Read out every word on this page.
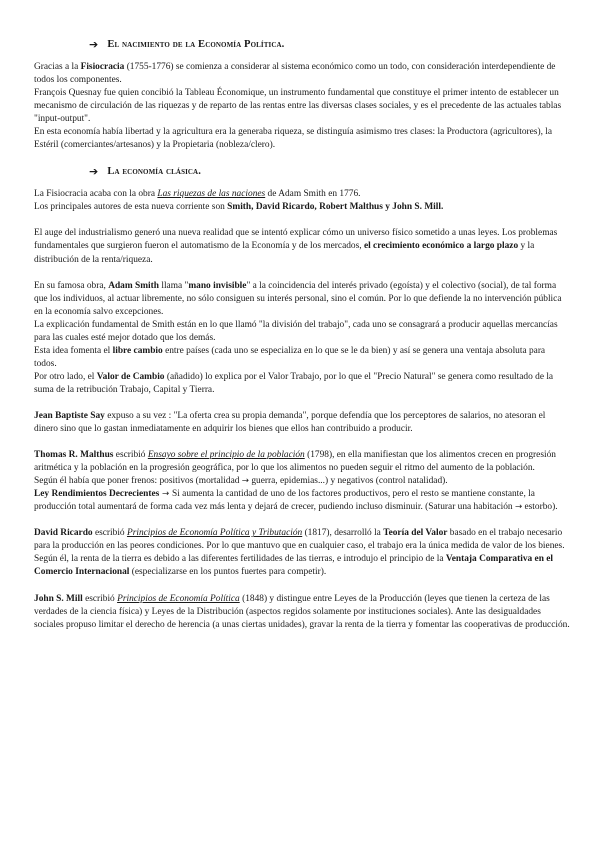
➔ El nacimiento de la Economía Política.

Gracias a la Fisiocracia (1755-1776) se comienza a considerar al sistema económico como un todo, con consideración interdependiente de todos los componentes.

François Quesnay fue quien concibió la Tableau Économique, un instrumento fundamental que constituye el primer intento de establecer un mecanismo de circulación de las riquezas y de reparto de las rentas entre las diversas clases sociales, y es el precedente de las actuales tablas "input-output".

En esta economía había libertad y la agricultura era la generaba riqueza, se distinguía asimismo tres clases: la Productora (agricultores), la Estéril (comerciantes/artesanos) y la Propietaria (nobleza/clero).

➔ La economía clásica.

La Fisiocracia acaba con la obra Las riquezas de las naciones de Adam Smith en 1776.

Los principales autores de esta nueva corriente son Smith, David Ricardo, Robert Malthus y John S. Mill.

El auge del industrialismo generó una nueva realidad que se intentó explicar cómo un universo físico sometido a unas leyes. Los problemas fundamentales que surgieron fueron el automatismo de la Economía y de los mercados, el crecimiento económico a largo plazo y la distribución de la renta/riqueza.

En su famosa obra, Adam Smith llama "mano invisible" a la coincidencia del interés privado (egoísta) y el colectivo (social), de tal forma que los individuos, al actuar libremente, no sólo consiguen su interés personal, sino el común. Por lo que defiende la no intervención pública en la economía salvo excepciones.

La explicación fundamental de Smith están en lo que llamó "la división del trabajo", cada uno se consagrará a producir aquellas mercancías para las cuales esté mejor dotado que los demás.

Esta idea fomenta el libre cambio entre países (cada uno se especializa en lo que se le da bien) y así se genera una ventaja absoluta para todos.

Por otro lado, el Valor de Cambio (añadido) lo explica por el Valor Trabajo, por lo que el "Precio Natural" se genera como resultado de la suma de la retribución Trabajo, Capital y Tierra.

Jean Baptiste Say expuso a su vez : "La oferta crea su propia demanda", porque defendía que los perceptores de salarios, no atesoran el dinero sino que lo gastan inmediatamente en adquirir los bienes que ellos han contribuido a producir.

Thomas R. Malthus escribió Ensayo sobre el principio de la población (1798), en ella manifiestan que los alimentos crecen en progresión aritmética y la población en la progresión geográfica, por lo que los alimentos no pueden seguir el ritmo del aumento de la población.

Según él había que poner frenos: positivos (mortalidad → guerra, epidemias...) y negativos (control natalidad).

Ley Rendimientos Decrecientes → Si aumenta la cantidad de uno de los factores productivos, pero el resto se mantiene constante, la producción total aumentará de forma cada vez más lenta y dejará de crecer, pudiendo incluso disminuir. (Saturar una habitación → estorbo).

David Ricardo escribió Principios de Economía Política y Tributación (1817), desarrolló la Teoría del Valor basado en el trabajo necesario para la producción en las peores condiciones. Por lo que mantuvo que en cualquier caso, el trabajo era la única medida de valor de los bienes.

Según él, la renta de la tierra es debido a las diferentes fertilidades de las tierras, e introdujo el principio de la Ventaja Comparativa en el Comercio Internacional (especializarse en los puntos fuertes para competir).

John S. Mill escribió Principios de Economía Política (1848) y distingue entre Leyes de la Producción (leyes que tienen la certeza de las verdades de la ciencia física) y Leyes de la Distribución (aspectos regidos solamente por instituciones sociales). Ante las desigualdades sociales propuso limitar el derecho de herencia (a unas ciertas unidades), gravar la renta de la tierra y fomentar las cooperativas de producción.
